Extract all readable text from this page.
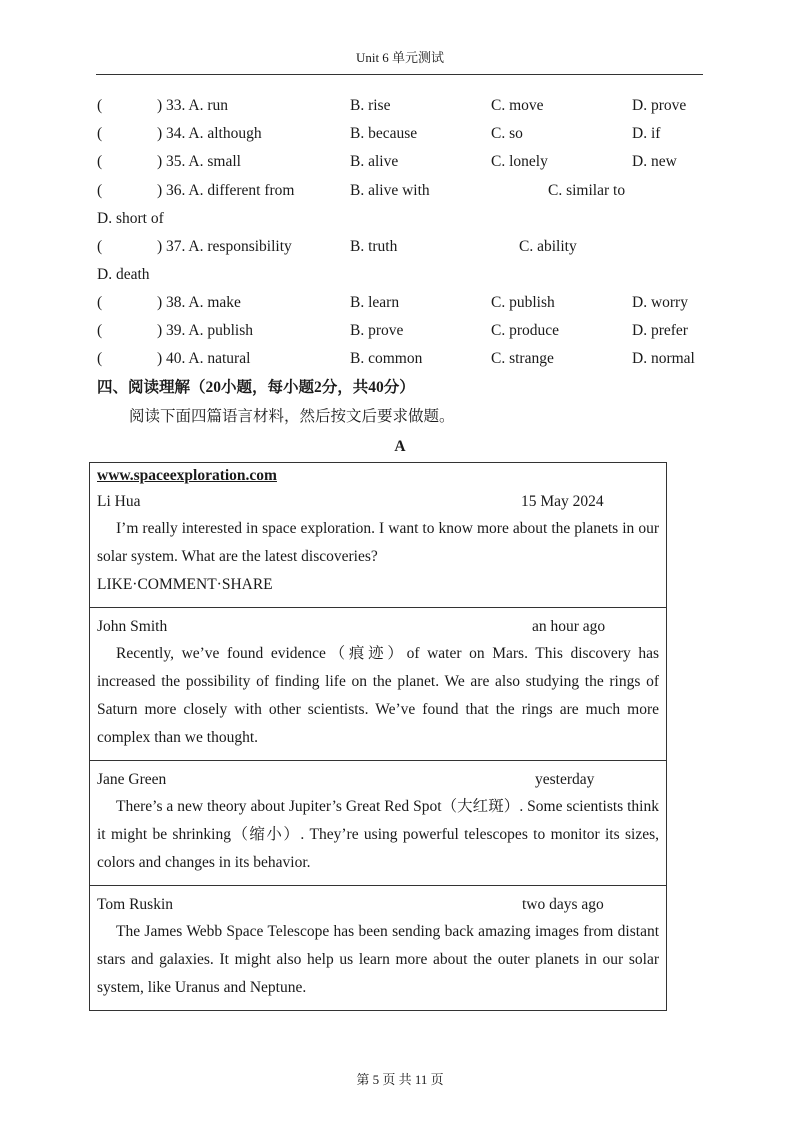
Unit 6 单元测试
(	) 33. A. run	B. rise	C. move	D. prove
(	) 34. A. although	B. because	C. so	D. if
(	) 35. A. small	B. alive	C. lonely	D. new
(	) 36. A. different from	B. alive with	C. similar to
D. short of
(	) 37. A. responsibility	B. truth	C. ability
D. death
(	) 38. A. make	B. learn	C. publish	D. worry
(	) 39. A. publish	B. prove	C. produce	D. prefer
(	) 40. A. natural	B. common	C. strange	D. normal
四、阅读理解（20小题，每小题2分，共40分）
阅读下面四篇语言材料，然后按文后要求做题。
A
www.spaceexploration.com
Li Hua	15 May 2024
I’m really interested in space exploration. I want to know more about the planets in our solar system. What are the latest discoveries?
LIKE·COMMENT·SHARE
John Smith	an hour ago
Recently, we’ve found evidence（痕迹）of water on Mars. This discovery has increased the possibility of finding life on the planet. We are also studying the rings of Saturn more closely with other scientists. We’ve found that the rings are much more complex than we thought.
Jane Green	yesterday
There’s a new theory about Jupiter’s Great Red Spot（大红斑）. Some scientists think it might be shrinking（缩小）. They’re using powerful telescopes to monitor its sizes, colors and changes in its behavior.
Tom Ruskin	two days ago
The James Webb Space Telescope has been sending back amazing images from distant stars and galaxies. It might also help us learn more about the outer planets in our solar system, like Uranus and Neptune.
第 5 页 共 11 页
